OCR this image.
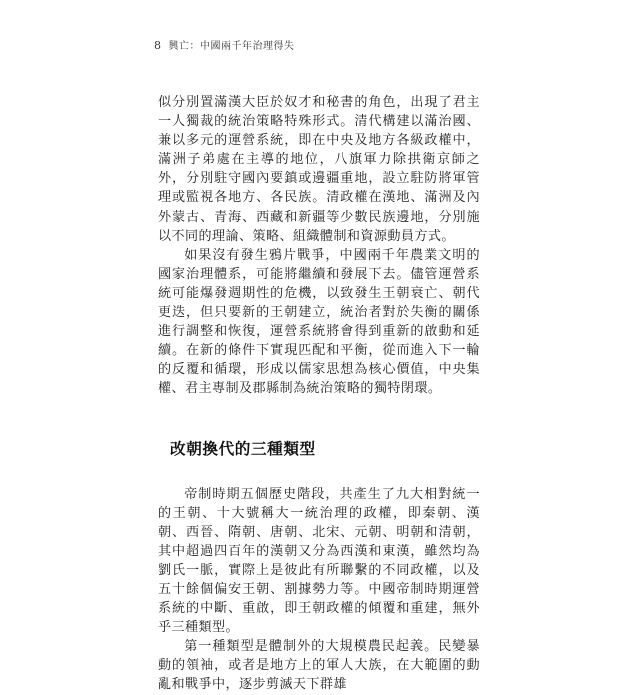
8 興亡：中國兩千年治理得失

似分別置滿漢大臣於奴才和秘書的角色，出現了君主一人獨裁的統治策略特殊形式。清代構建以滿治國、兼以多元的運營系統，即在中央及地方各級政權中，滿洲子弟處在主導的地位，八旗軍力除拱衛京師之外，分別駐守國內要鎮或邊疆重地，設立駐防將軍管理或監視各地方、各民族。清政權在漢地、滿洲及內外蒙古、青海、西藏和新疆等少數民族邊地，分別施以不同的理論、策略、組織體制和資源動員方式。

如果沒有發生鴉片戰爭，中國兩千年農業文明的國家治理體系，可能將繼續和發展下去。儘管運營系統可能爆發週期性的危機，以致發生王朝衰亡、朝代更迭，但只要新的王朝建立，統治者對於失衡的關係進行調整和恢復，運營系統將會得到重新的啟動和延續。在新的條件下實現匹配和平衡，從而進入下一輪的反覆和循環，形成以儒家思想為核心價值，中央集權、君主專制及郡縣制為統治策略的獨特閉環。

改朝換代的三種類型

帝制時期五個歷史階段，共產生了九大相對統一的王朝、十大號稱大一統治理的政權，即秦朝、漢朝、西晉、隋朝、唐朝、北宋、元朝、明朝和清朝，其中超過四百年的漢朝又分為西漢和東漢，雖然均為劉氏一脈，實際上是彼此有所聯繫的不同政權，以及五十餘個偏安王朝、割據勢力等。中國帝制時期運營系統的中斷、重啟，即王朝政權的傾覆和重建，無外乎三種類型。

第一種類型是體制外的大規模農民起義。民變暴動的領袖，或者是地方上的軍人大族，在大範圍的動亂和戰爭中，逐步剪滅天下群雄
